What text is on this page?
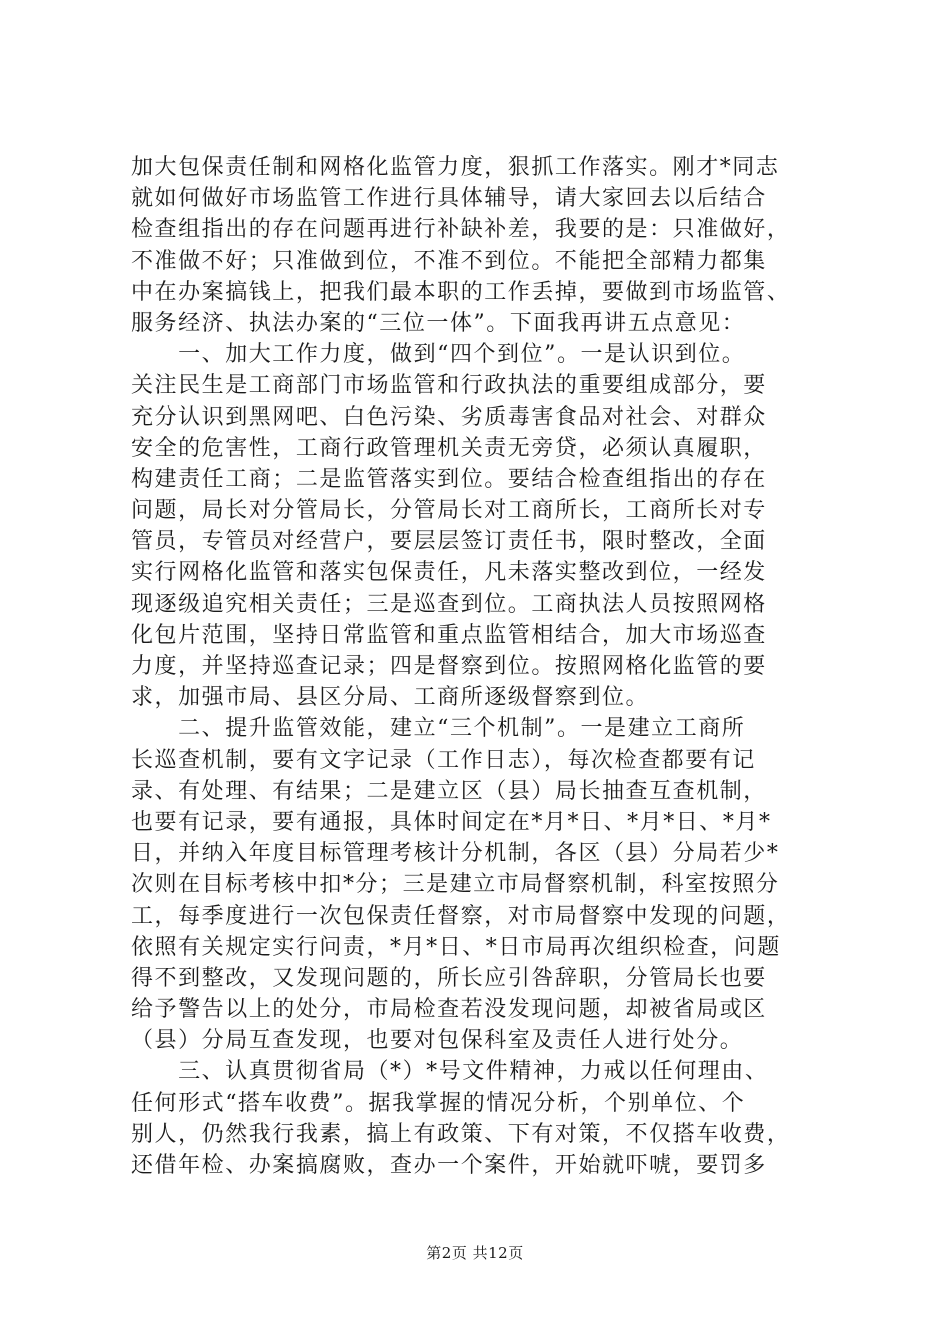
加大包保责任制和网格化监管力度，狠抓工作落实。刚才*同志
就如何做好市场监管工作进行具体辅导，请大家回去以后结合
检查组指出的存在问题再进行补缺补差，我要的是：只准做好，
不准做不好；只准做到位，不准不到位。不能把全部精力都集
中在办案搞钱上，把我们最本职的工作丢掉，要做到市场监管、
服务经济、执法办案的“三位一体”。下面我再讲五点意见：
　　一、加大工作力度，做到“四个到位”。一是认识到位。
关注民生是工商部门市场监管和行政执法的重要组成部分，要
充分认识到黑网吧、白色污染、劣质毒害食品对社会、对群众
安全的危害性，工商行政管理机关责无旁贷，必须认真履职，
构建责任工商；二是监管落实到位。要结合检查组指出的存在
问题，局长对分管局长，分管局长对工商所长，工商所长对专
管员，专管员对经营户，要层层签订责任书，限时整改，全面
实行网格化监管和落实包保责任，凡未落实整改到位，一经发
现逐级追究相关责任；三是巡查到位。工商执法人员按照网格
化包片范围，坚持日常监管和重点监管相结合，加大市场巡查
力度，并坚持巡查记录；四是督察到位。按照网格化监管的要
求，加强市局、县区分局、工商所逐级督察到位。
　　二、提升监管效能，建立“三个机制”。一是建立工商所
长巡查机制，要有文字记录（工作日志），每次检查都要有记
录、有处理、有结果；二是建立区（县）局长抽查互查机制，
也要有记录，要有通报，具体时间定在*月*日、*月*日、*月*
日，并纳入年度目标管理考核计分机制，各区（县）分局若少*
次则在目标考核中扣*分；三是建立市局督察机制，科室按照分
工，每季度进行一次包保责任督察，对市局督察中发现的问题，
依照有关规定实行问责，*月*日、*日市局再次组织检查，问题
得不到整改，又发现问题的，所长应引咎辞职，分管局长也要
给予警告以上的处分，市局检查若没发现问题，却被省局或区
（县）分局互查发现，也要对包保科室及责任人进行处分。
　　三、认真贯彻省局（*）*号文件精神，力戒以任何理由、
任何形式“搭车收费”。据我掌握的情况分析，个别单位、个
别人，仍然我行我素，搞上有政策、下有对策，不仅搭车收费，
还借年检、办案搞腐败，查办一个案件，开始就吓唬，要罚多
第2页 共12页
